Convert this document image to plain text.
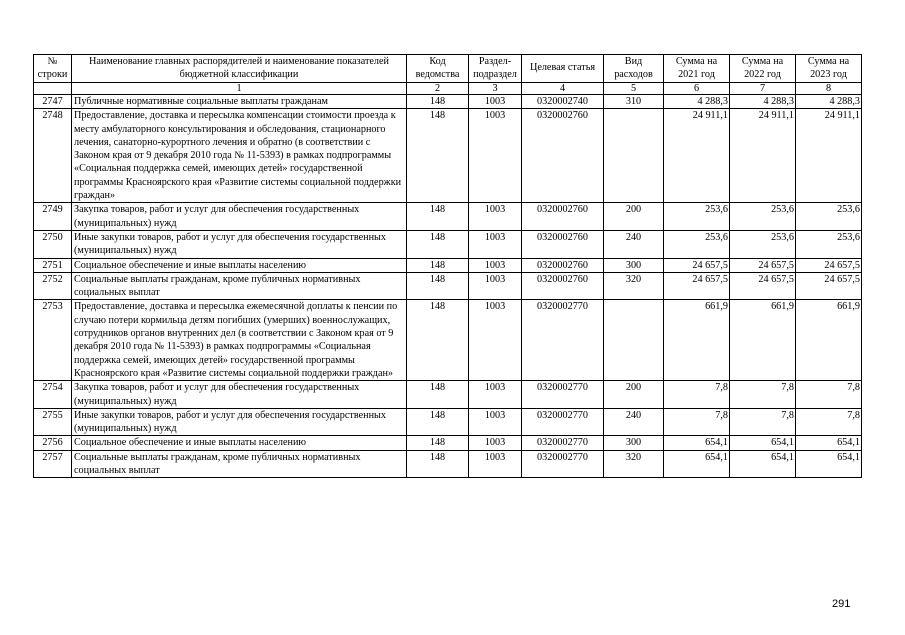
№ строки	Наименование главных распорядителей и наименование показателей бюджетной классификации	Код ведомства	Раздел-подраздел	Целевая статья	Вид расходов	Сумма на 2021 год	Сумма на 2022 год	Сумма на 2023 год
	1	2	3	4	5	6	7	8
2747	Публичные нормативные социальные выплаты гражданам	148	1003	0320002740	310	4 288,3	4 288,3	4 288,3
2748	Предоставление, доставка и пересылка компенсации стоимости проезда к месту амбулаторного консультирования и обследования, стационарного лечения, санаторно-курортного лечения и обратно (в соответствии с Законом края от 9 декабря 2010 года № 11-5393) в рамках подпрограммы «Социальная поддержка семей, имеющих детей» государственной программы Красноярского края «Развитие системы социальной поддержки граждан»	148	1003	0320002760		24 911,1	24 911,1	24 911,1
2749	Закупка товаров, работ и услуг для обеспечения государственных (муниципальных) нужд	148	1003	0320002760	200	253,6	253,6	253,6
2750	Иные закупки товаров, работ и услуг для обеспечения государственных (муниципальных) нужд	148	1003	0320002760	240	253,6	253,6	253,6
2751	Социальное обеспечение и иные выплаты населению	148	1003	0320002760	300	24 657,5	24 657,5	24 657,5
2752	Социальные выплаты гражданам, кроме публичных нормативных социальных выплат	148	1003	0320002760	320	24 657,5	24 657,5	24 657,5
2753	Предоставление, доставка и пересылка ежемесячной доплаты к пенсии по случаю потери кормильца детям погибших (умерших) военнослужащих, сотрудников органов внутренних дел (в соответствии с Законом края от 9 декабря 2010 года № 11-5393) в рамках подпрограммы «Социальная поддержка семей, имеющих детей» государственной программы Красноярского края «Развитие системы социальной поддержки граждан»	148	1003	0320002770		661,9	661,9	661,9
2754	Закупка товаров, работ и услуг для обеспечения государственных (муниципальных) нужд	148	1003	0320002770	200	7,8	7,8	7,8
2755	Иные закупки товаров, работ и услуг для обеспечения государственных (муниципальных) нужд	148	1003	0320002770	240	7,8	7,8	7,8
2756	Социальное обеспечение и иные выплаты населению	148	1003	0320002770	300	654,1	654,1	654,1
2757	Социальные выплаты гражданам, кроме публичных нормативных социальных выплат	148	1003	0320002770	320	654,1	654,1	654,1
291
